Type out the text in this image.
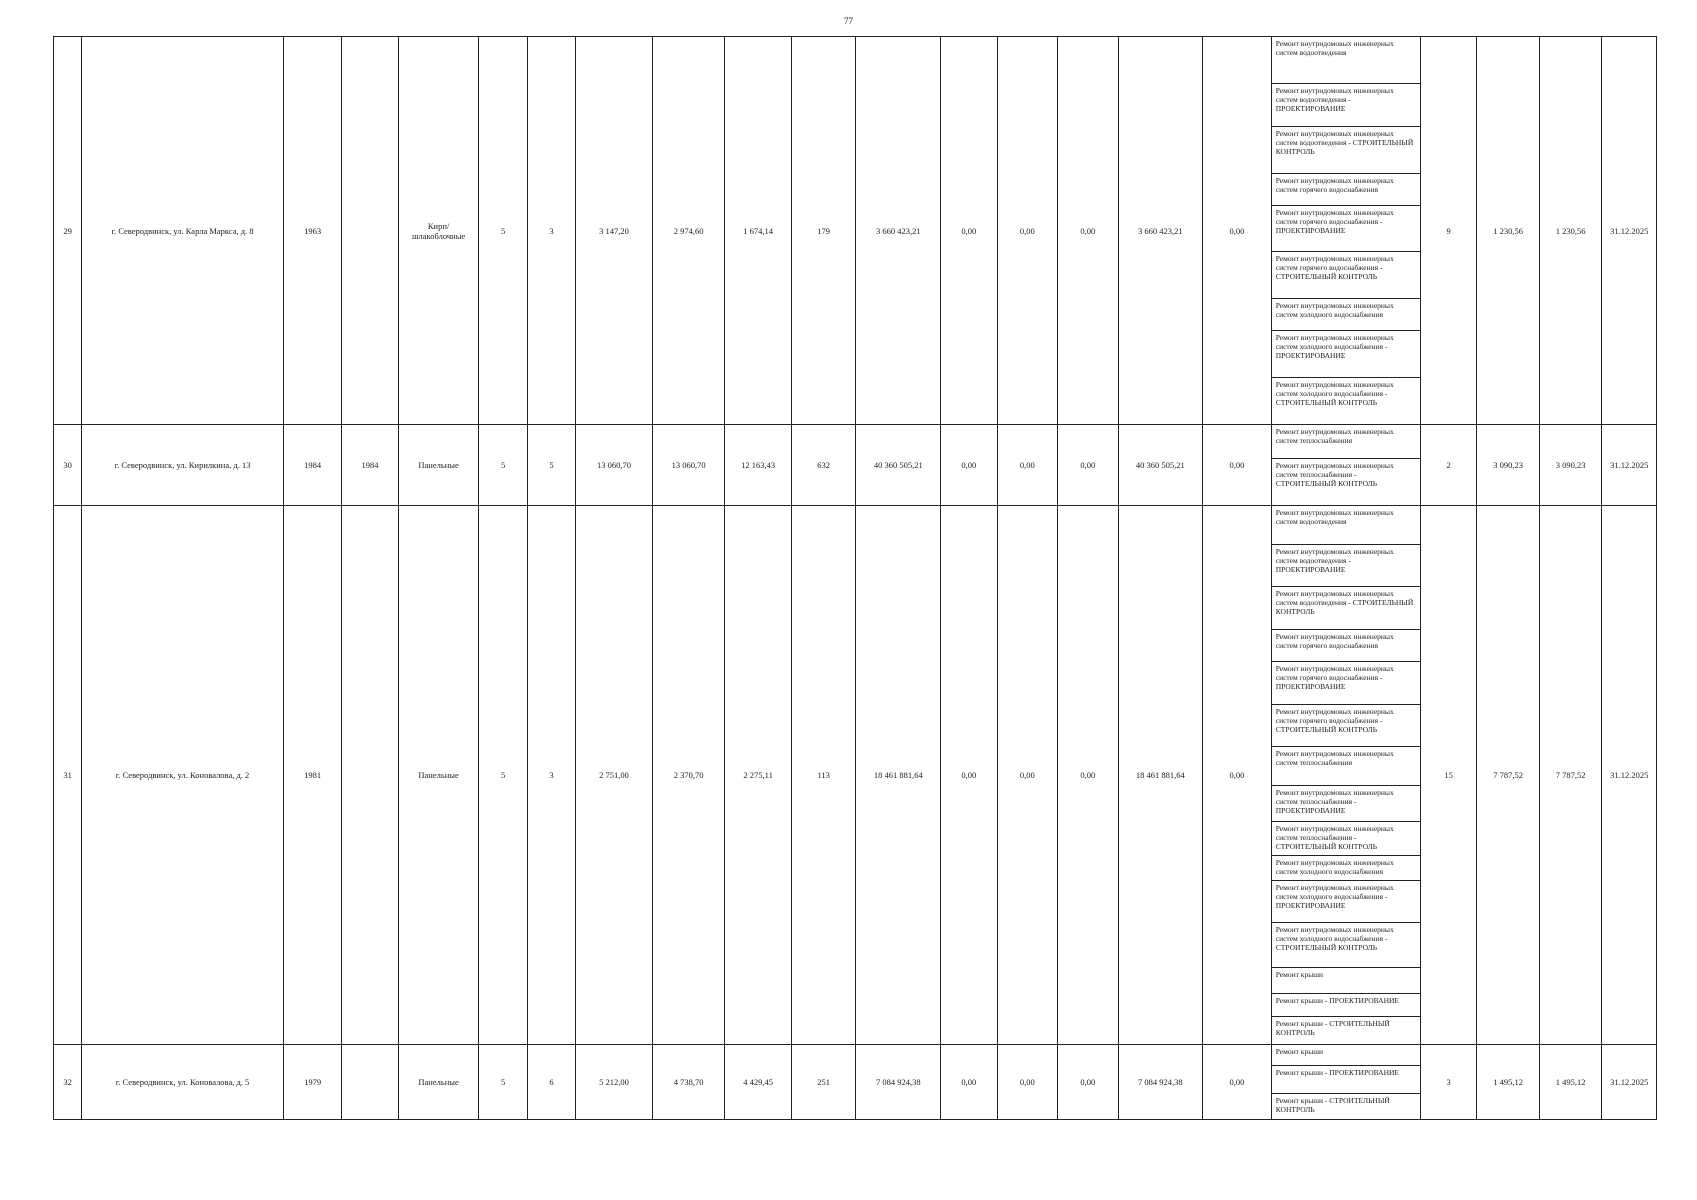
77
29	г. Северодвинск, ул. Карла Маркса, д. 8	1963		Кирп/ шлакоблочные	5	3	3 147,20	2 974,60	1 674,14	179	3 660 423,21	0,00	0,00	0,00	3 660 423,21	0,00	Ремонт внутридомовых инженерных систем водоотведения	9	1 230,56	1 230,56	31.12.2025
																	Ремонт внутридомовых инженерных систем водоотведения - ПРОЕКТИРОВАНИЕ				
																	Ремонт внутридомовых инженерных систем водоотведения - СТРОИТЕЛЬНЫЙ КОНТРОЛЬ				
																	Ремонт внутридомовых инженерных систем горячего водоснабжения				
																	Ремонт внутридомовых инженерных систем горячего водоснабжения - ПРОЕКТИРОВАНИЕ				
																	Ремонт внутридомовых инженерных систем горячего водоснабжения - СТРОИТЕЛЬНЫЙ КОНТРОЛЬ				
																	Ремонт внутридомовых инженерных систем холодного водоснабжения				
																	Ремонт внутридомовых инженерных систем холодного водоснабжения - ПРОЕКТИРОВАНИЕ				
																	Ремонт внутридомовых инженерных систем холодного водоснабжения - СТРОИТЕЛЬНЫЙ КОНТРОЛЬ				
30	г. Северодвинск, ул. Кирилкина, д. 13	1984	1984	Панельные	5	5	13 060,70	13 060,70	12 163,43	632	40 360 505,21	0,00	0,00	0,00	40 360 505,21	0,00	Ремонт внутридомовых инженерных систем теплоснабжения	2	3 090,23	3 090,23	31.12.2025
																	Ремонт внутридомовых инженерных систем теплоснабжения - СТРОИТЕЛЬНЫЙ КОНТРОЛЬ				
31	г. Северодвинск, ул. Коновалова, д. 2	1981		Панельные	5	3	2 751,00	2 370,70	2 275,11	113	18 461 881,64	0,00	0,00	0,00	18 461 881,64	0,00	Ремонт внутридомовых инженерных систем водоотведения	15	7 787,52	7 787,52	31.12.2025
																	Ремонт внутридомовых инженерных систем водоотведения - ПРОЕКТИРОВАНИЕ				
																	Ремонт внутридомовых инженерных систем водоотведения - СТРОИТЕЛЬНЫЙ КОНТРОЛЬ				
																	Ремонт внутридомовых инженерных систем горячего водоснабжения				
																	Ремонт внутридомовых инженерных систем горячего водоснабжения - ПРОЕКТИРОВАНИЕ				
																	Ремонт внутридомовых инженерных систем горячего водоснабжения - СТРОИТЕЛЬНЫЙ КОНТРОЛЬ				
																	Ремонт внутридомовых инженерных систем теплоснабжения				
																	Ремонт внутридомовых инженерных систем теплоснабжения - ПРОЕКТИРОВАНИЕ				
																	Ремонт внутридомовых инженерных систем теплоснабжения - СТРОИТЕЛЬНЫЙ КОНТРОЛЬ				
																	Ремонт внутридомовых инженерных систем холодного водоснабжения				
																	Ремонт внутридомовых инженерных систем холодного водоснабжения - ПРОЕКТИРОВАНИЕ				
																	Ремонт внутридомовых инженерных систем холодного водоснабжения - СТРОИТЕЛЬНЫЙ КОНТРОЛЬ				
																	Ремонт крыши				
																	Ремонт крыши - ПРОЕКТИРОВАНИЕ				
																	Ремонт крыши - СТРОИТЕЛЬНЫЙ КОНТРОЛЬ				
32	г. Северодвинск, ул. Коновалова, д. 5	1979		Панельные	5	6	5 212,00	4 738,70	4 429,45	251	7 084 924,38	0,00	0,00	0,00	7 084 924,38	0,00	Ремонт крыши	3	1 495,12	1 495,12	31.12.2025
																	Ремонт крыши - ПРОЕКТИРОВАНИЕ				
																	Ремонт крыши - СТРОИТЕЛЬНЫЙ КОНТРОЛЬ				
